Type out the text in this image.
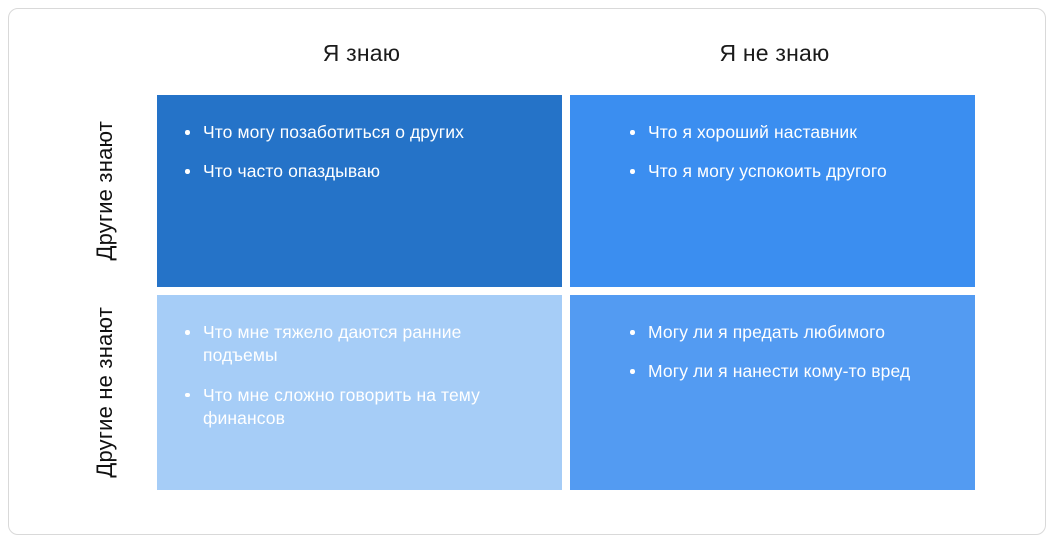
Я знаю	Я не знаю
Другие знают
Другие не знают
Что могу позаботиться о других
Что часто опаздываю
Что я хороший наставник
Что я могу успокоить другого
Что мне тяжело даются ранние подъемы
Что мне сложно говорить на тему финансов
Могу ли я предать любимого
Могу ли я нанести кому-то вред
